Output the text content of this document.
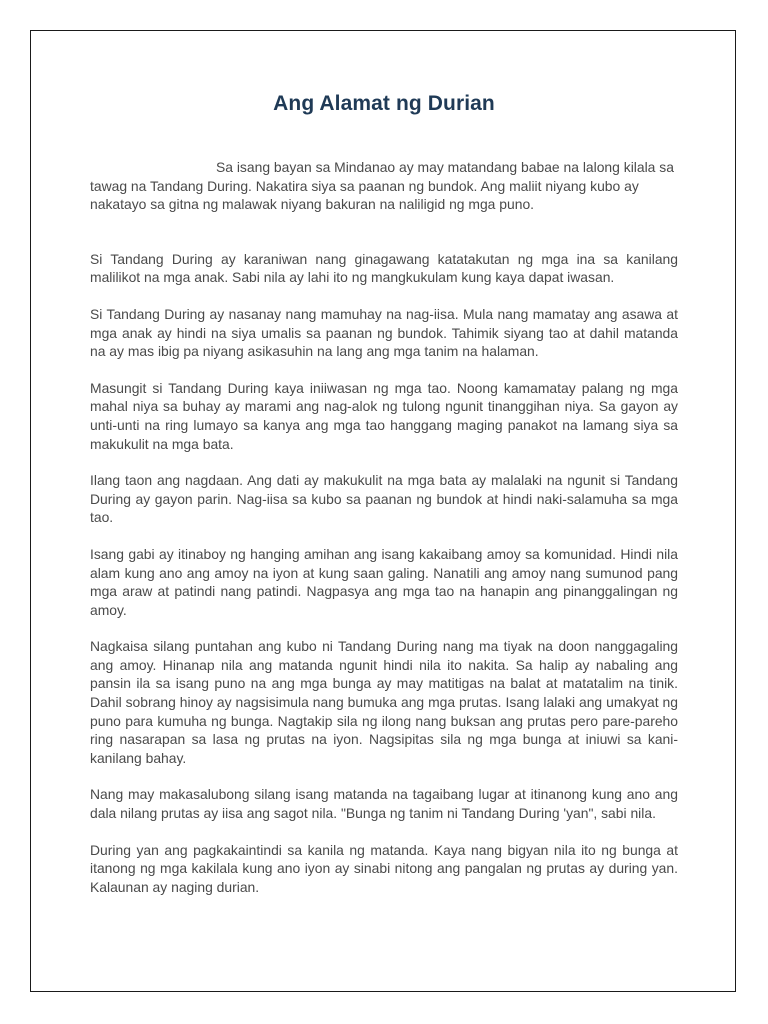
Ang Alamat ng Durian

Sa isang bayan sa Mindanao ay may matandang babae na lalong kilala sa tawag na Tandang During. Nakatira siya sa paanan ng bundok. Ang maliit niyang kubo ay nakatayo sa gitna ng malawak niyang bakuran na naliligid ng mga puno.

Si Tandang During ay karaniwan nang ginagawang katatakutan ng mga ina sa kanilang malilikot na mga anak. Sabi nila ay lahi ito ng mangkukulam kung kaya dapat iwasan.

Si Tandang During ay nasanay nang mamuhay na nag-iisa. Mula nang mamatay ang asawa at mga anak ay hindi na siya umalis sa paanan ng bundok. Tahimik siyang tao at dahil matanda na ay mas ibig pa niyang asikasuhin na lang ang mga tanim na halaman.

Masungit si Tandang During kaya iniiwasan ng mga tao. Noong kamamatay palang ng mga mahal niya sa buhay ay marami ang nag-alok ng tulong ngunit tinanggihan niya. Sa gayon ay unti-unti na ring lumayo sa kanya ang mga tao hanggang maging panakot na lamang siya sa makukulit na mga bata.

Ilang taon ang nagdaan. Ang dati ay makukulit na mga bata ay malalaki na ngunit si Tandang During ay gayon parin. Nag-iisa sa kubo sa paanan ng bundok at hindi naki-salamuha sa mga tao.

Isang gabi ay itinaboy ng hanging amihan ang isang kakaibang amoy sa komunidad. Hindi nila alam kung ano ang amoy na iyon at kung saan galing. Nanatili ang amoy nang sumunod pang mga araw at patindi nang patindi. Nagpasya ang mga tao na hanapin ang pinanggalingan ng amoy.

Nagkaisa silang puntahan ang kubo ni Tandang During nang ma tiyak na doon nanggagaling ang amoy. Hinanap nila ang matanda ngunit hindi nila ito nakita. Sa halip ay nabaling ang pansin ila sa isang puno na ang mga bunga ay may matitigas na balat at matatalim na tinik. Dahil sobrang hinoy ay nagsisimula nang bumuka ang mga prutas. Isang lalaki ang umakyat ng puno para kumuha ng bunga. Nagtakip sila ng ilong nang buksan ang prutas pero pare-pareho ring nasarapan sa lasa ng prutas na iyon. Nagsipitas sila ng mga bunga at iniuwi sa kani-kanilang bahay.

Nang may makasalubong silang isang matanda na tagaibang lugar at itinanong kung ano ang dala nilang prutas ay iisa ang sagot nila. "Bunga ng tanim ni Tandang During 'yan", sabi nila.

During yan ang pagkakaintindi sa kanila ng matanda. Kaya nang bigyan nila ito ng bunga at itanong ng mga kakilala kung ano iyon ay sinabi nitong ang pangalan ng prutas ay during yan. Kalaunan ay naging durian.
